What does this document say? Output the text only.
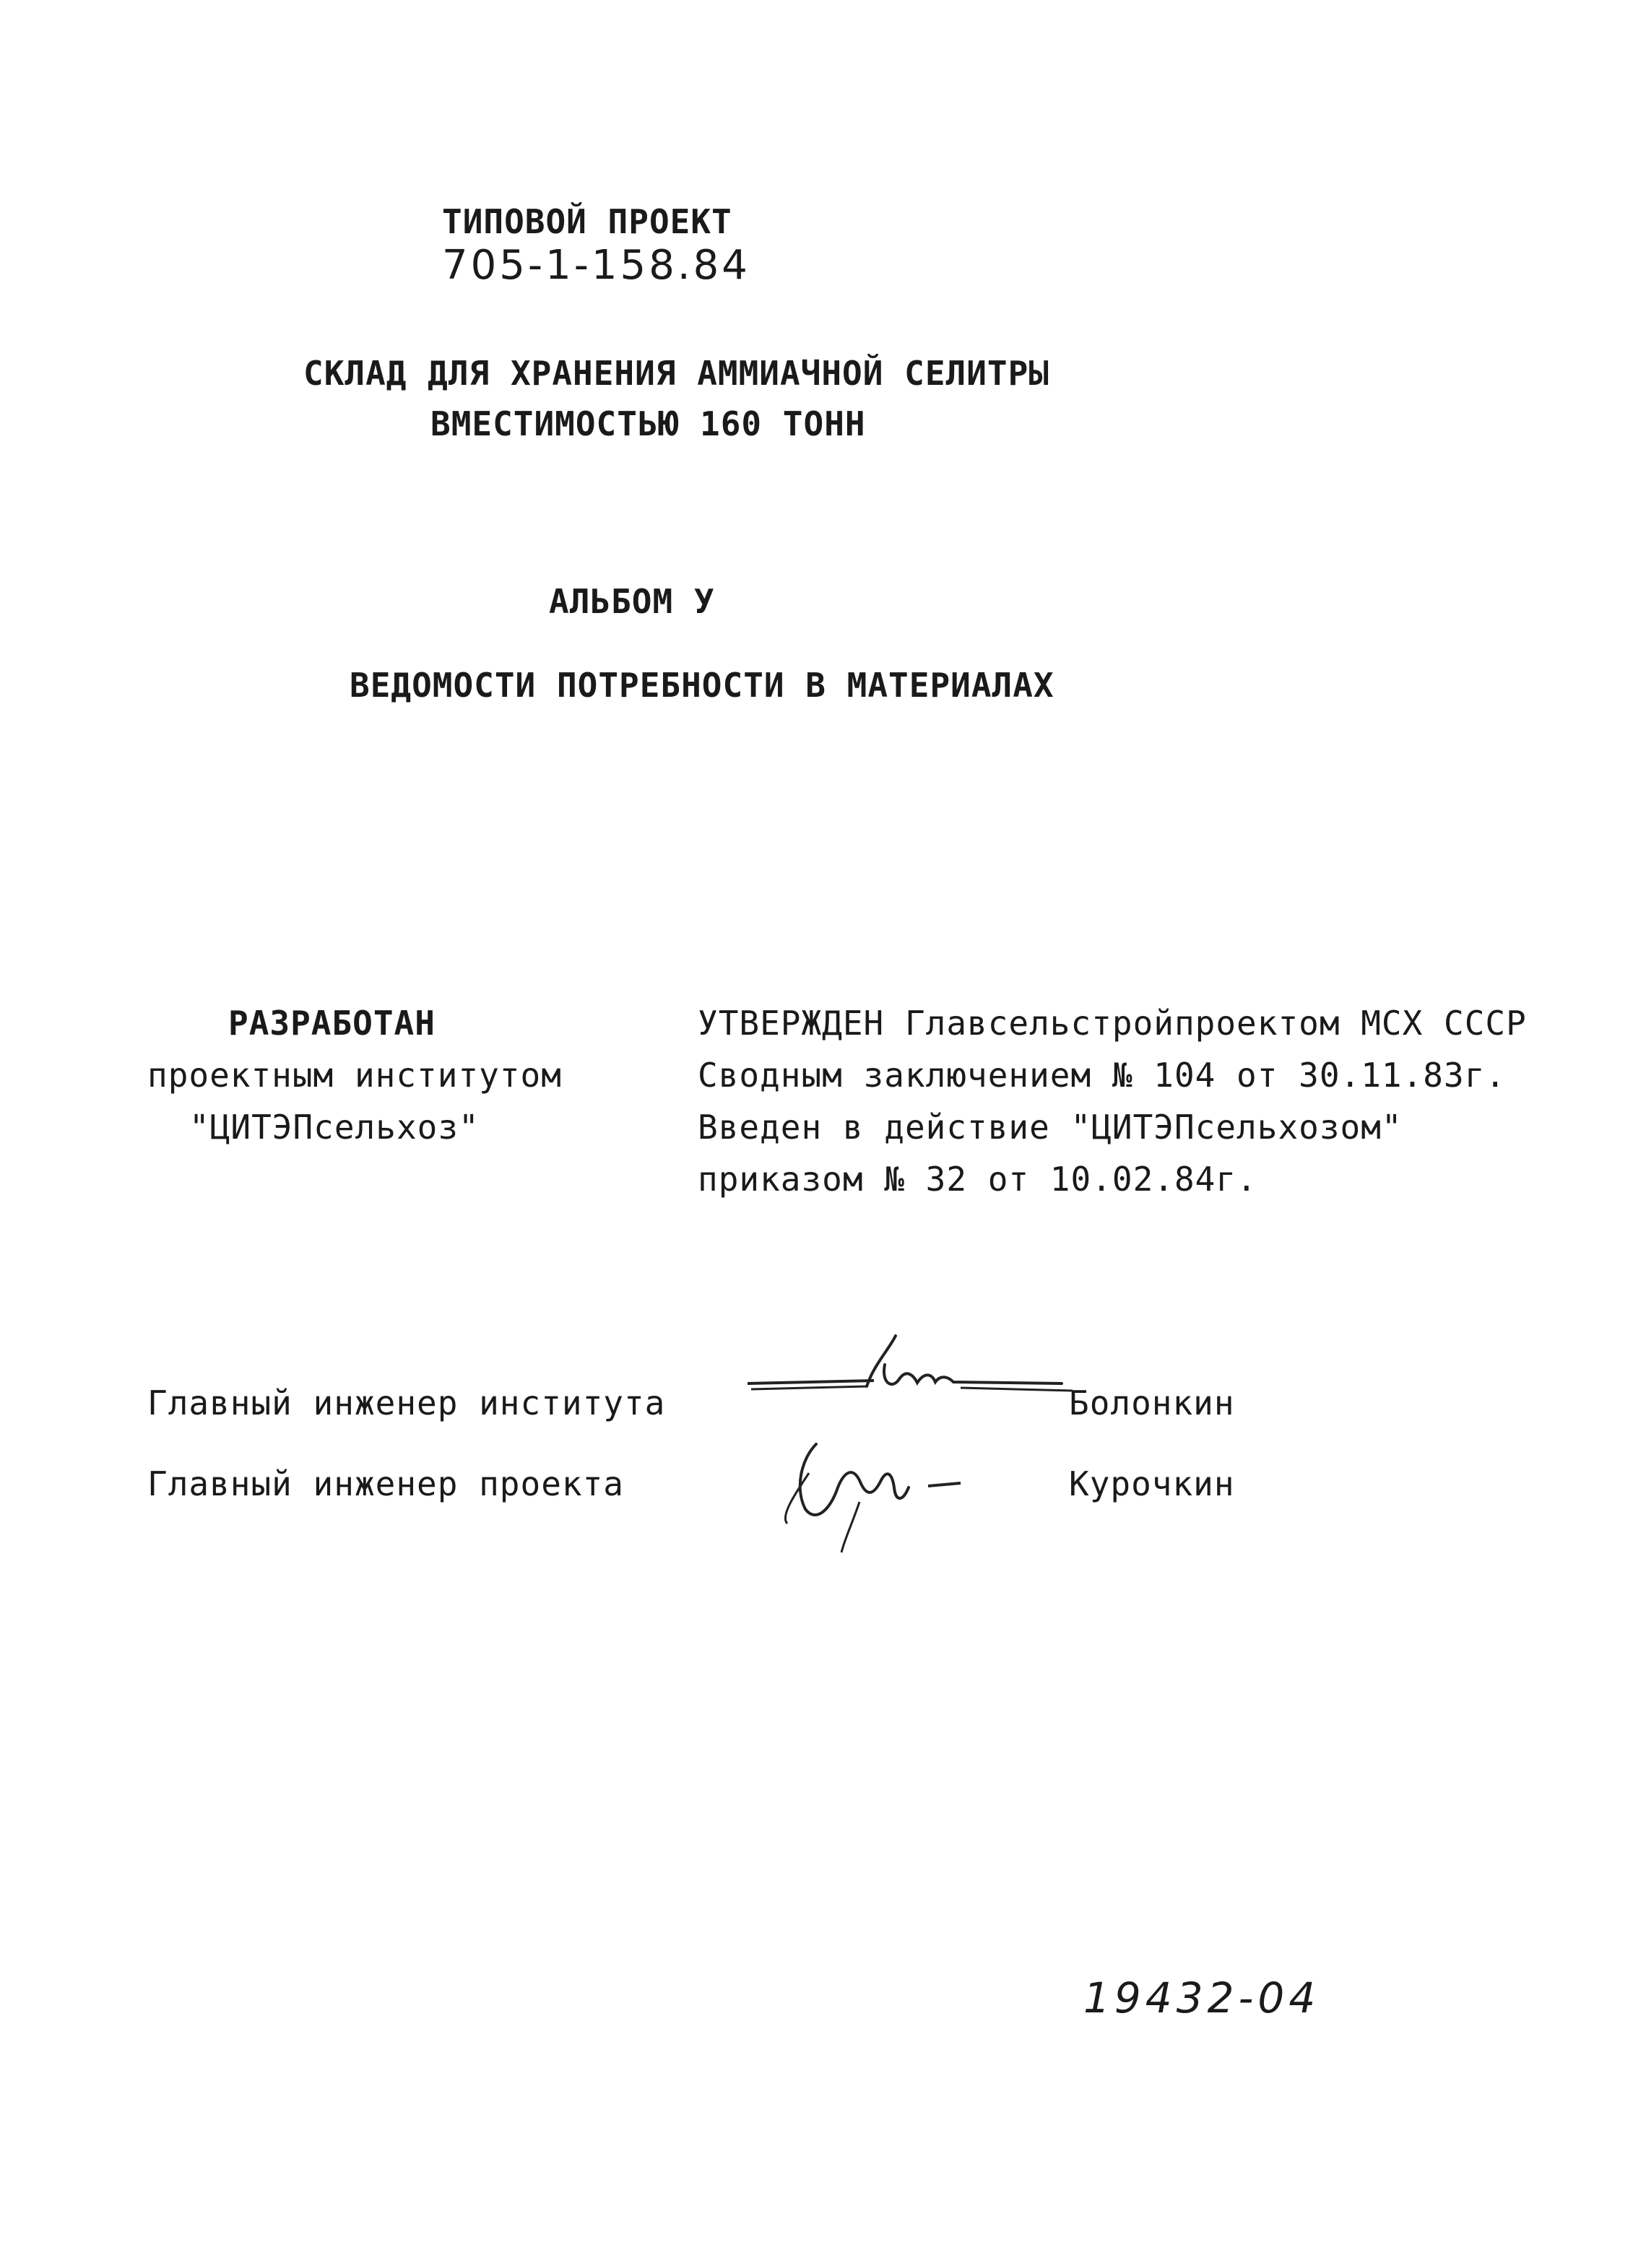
ТИПОВОЙ ПРОЕКТ
705-1-158.84
СКЛАД ДЛЯ ХРАНЕНИЯ АММИАЧНОЙ СЕЛИТРЫ
ВМЕСТИМОСТЬЮ 160 ТОНН
АЛЬБОМ У
ВЕДОМОСТИ ПОТРЕБНОСТИ В МАТЕРИАЛАХ
РАЗРАБОТАН
проектным институтом
"ЦИТЭПсельхоз"
УТВЕРЖДЕН Главсельстройпроектом МСХ СССР
Сводным заключением № 104 от 30.11.83г.
Введен в действие "ЦИТЭПсельхозом"
приказом № 32 от 10.02.84г.
Главный инженер института	Болонкин
Главный инженер проекта	Курочкин
19432-04
